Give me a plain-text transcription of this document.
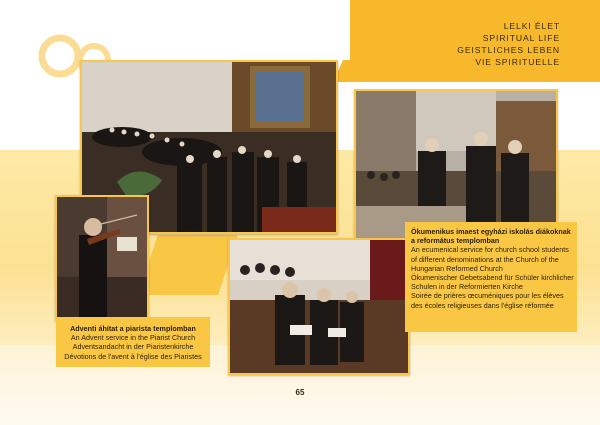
LELKI ÉLET
SPIRITUAL LIFE
GEISTLICHES LEBEN
VIE SPIRITUELLE
Adventi áhítat a piarista templomban
An Advent service in the Piarist Church
Adventsandacht in der Piaristenkirche
Dévotions de l'avent à l'église des Piaristes
Ökumenikus imaest egyházi iskolás diákoknak
a református templomban
An ecumenical service for church school students
of different denominations at the Church of the
Hungarian Reformed Church
Ökumenischer Gebetsabend für Schüler kirchlicher
Schulen in der Reformierten Kirche
Soirée de prières œcuméniques pour les élèves
des écoles religieuses dans l'église réformée
65
